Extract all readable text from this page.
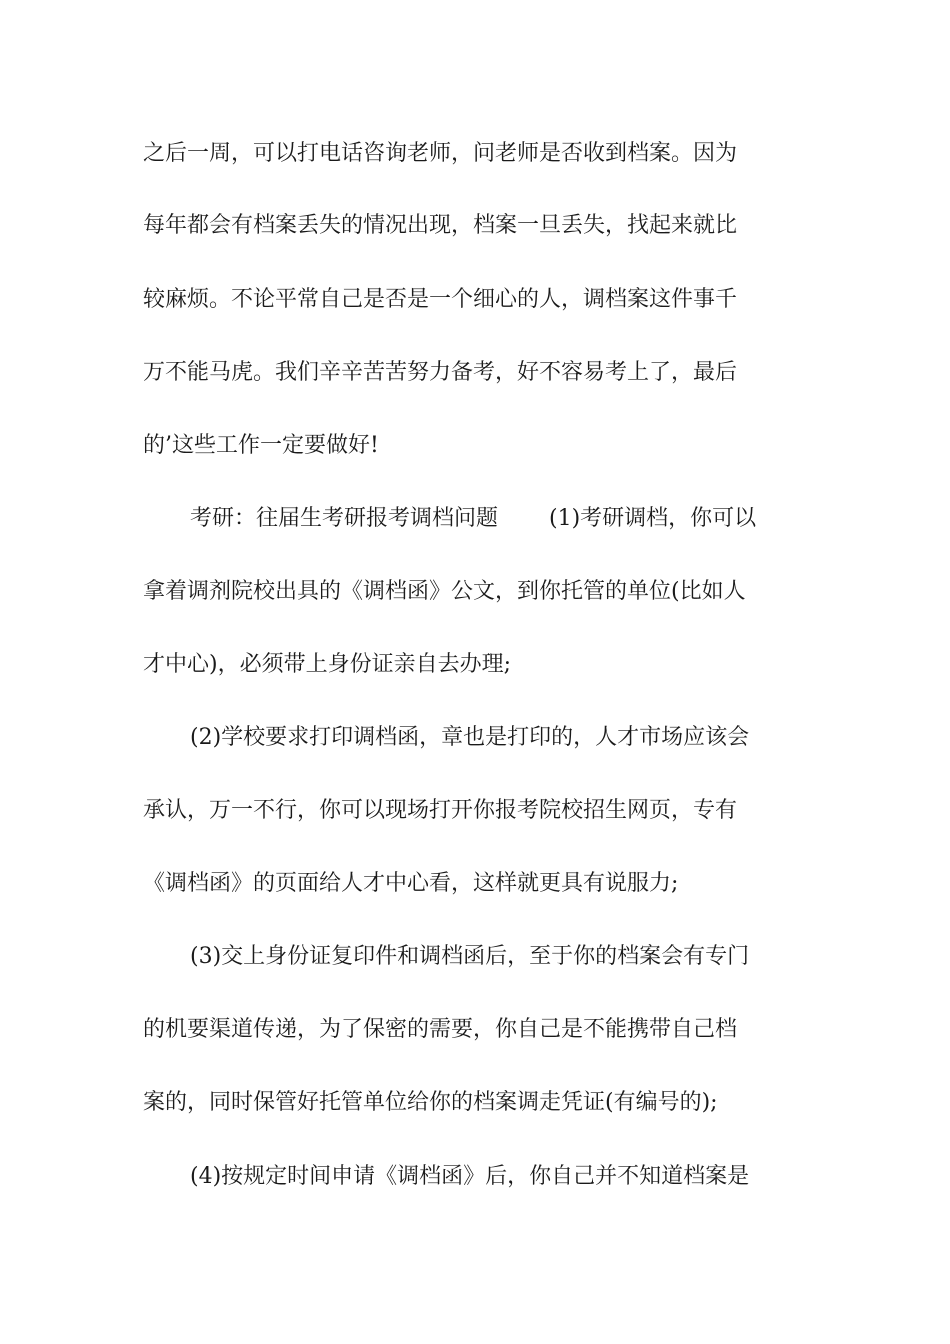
之后一周，可以打电话咨询老师，问老师是否收到档案。因为
每年都会有档案丢失的情况出现，档案一旦丢失，找起来就比
较麻烦。不论平常自己是否是一个细心的人，调档案这件事千
万不能马虎。我们辛辛苦苦努力备考，好不容易考上了，最后
的’这些工作一定要做好!
考研：往届生考研报考调档问题　　 (1)考研调档，你可以
拿着调剂院校出具的《调档函》公文，到你托管的单位(比如人
才中心)，必须带上身份证亲自去办理;
(2)学校要求打印调档函，章也是打印的，人才市场应该会
承认，万一不行，你可以现场打开你报考院校招生网页，专有
《调档函》的页面给人才中心看，这样就更具有说服力;
(3)交上身份证复印件和调档函后，至于你的档案会有专门
的机要渠道传递，为了保密的需要，你自己是不能携带自己档
案的，同时保管好托管单位给你的档案调走凭证(有编号的);
(4)按规定时间申请《调档函》后，你自己并不知道档案是
